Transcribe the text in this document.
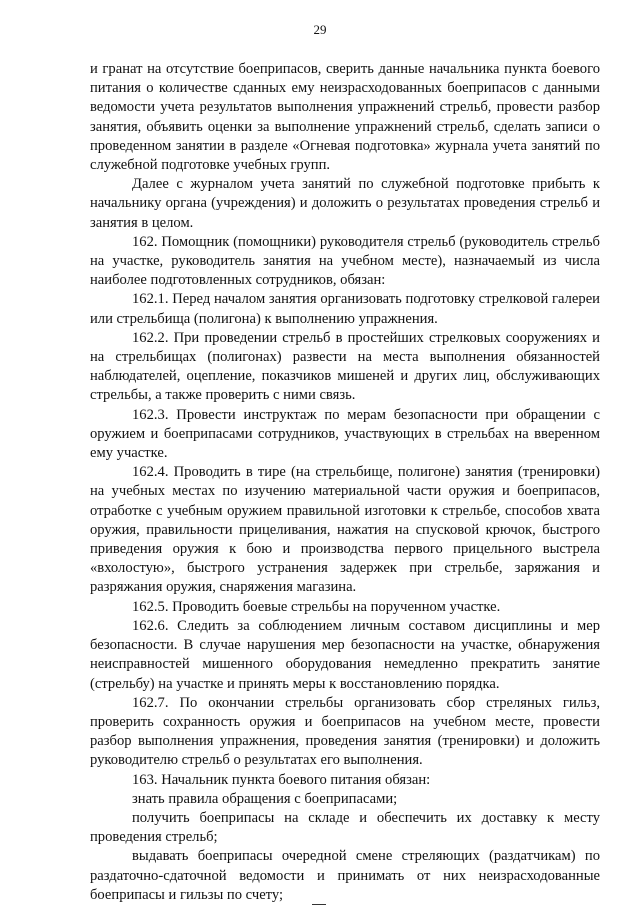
29

и гранат на отсутствие боеприпасов, сверить данные начальника пункта боевого питания о количестве сданных ему неизрасходованных боеприпасов с данными ведомости учета результатов выполнения упражнений стрельб, провести разбор занятия, объявить оценки за выполнение упражнений стрельб, сделать записи о проведенном занятии в разделе «Огневая подготовка» журнала учета занятий по служебной подготовке учебных групп.

Далее с журналом учета занятий по служебной подготовке прибыть к начальнику органа (учреждения) и доложить о результатах проведения стрельб и занятия в целом.

162. Помощник (помощники) руководителя стрельб (руководитель стрельб на участке, руководитель занятия на учебном месте), назначаемый из числа наиболее подготовленных сотрудников, обязан:

162.1. Перед началом занятия организовать подготовку стрелковой галереи или стрельбища (полигона) к выполнению упражнения.

162.2. При проведении стрельб в простейших стрелковых сооружениях и на стрельбищах (полигонах) развести на места выполнения обязанностей наблюдателей, оцепление, показчиков мишеней и других лиц, обслуживающих стрельбы, а также проверить с ними связь.

162.3. Провести инструктаж по мерам безопасности при обращении с оружием и боеприпасами сотрудников, участвующих в стрельбах на вверенном ему участке.

162.4. Проводить в тире (на стрельбище, полигоне) занятия (тренировки) на учебных местах по изучению материальной части оружия и боеприпасов, отработке с учебным оружием правильной изготовки к стрельбе, способов хвата оружия, правильности прицеливания, нажатия на спусковой крючок, быстрого приведения оружия к бою и производства первого прицельного выстрела «вхолостую», быстрого устранения задержек при стрельбе, заряжания и разряжания оружия, снаряжения магазина.

162.5. Проводить боевые стрельбы на порученном участке.

162.6. Следить за соблюдением личным составом дисциплины и мер безопасности. В случае нарушения мер безопасности на участке, обнаружения неисправностей мишенного оборудования немедленно прекратить занятие (стрельбу) на участке и принять меры к восстановлению порядка.

162.7. По окончании стрельбы организовать сбор стреляных гильз, проверить сохранность оружия и боеприпасов на учебном месте, провести разбор выполнения упражнения, проведения занятия (тренировки) и доложить руководителю стрельб о результатах его выполнения.

163. Начальник пункта боевого питания обязан:

знать правила обращения с боеприпасами;

получить боеприпасы на складе и обеспечить их доставку к месту проведения стрельб;

выдавать боеприпасы очередной смене стреляющих (раздатчикам) по раздаточно-сдаточной ведомости и принимать от них неизрасходованные боеприпасы и гильзы по счету;
